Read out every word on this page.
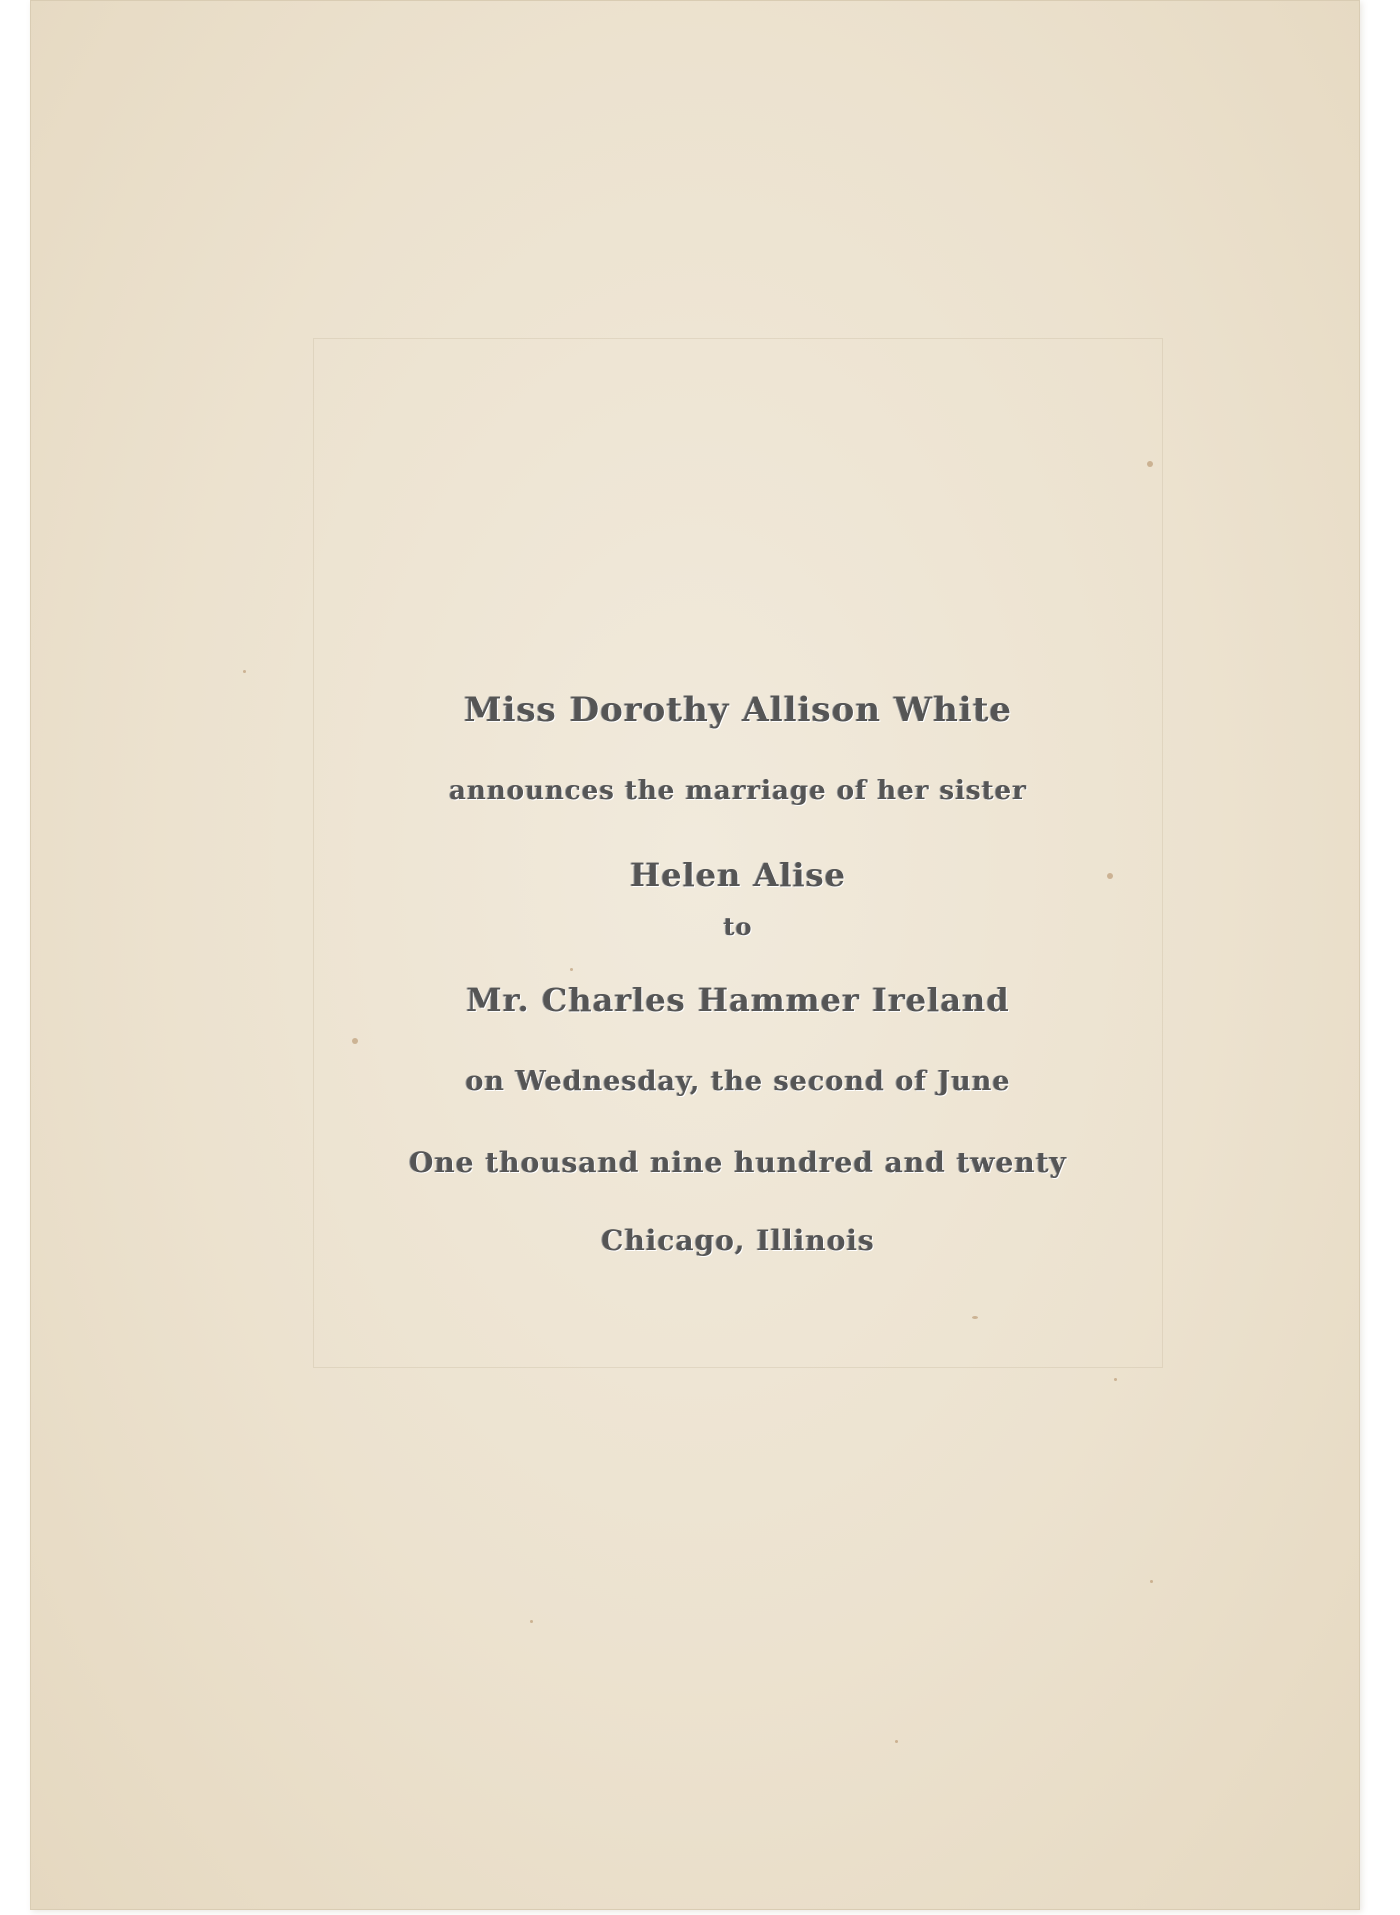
Miss Dorothy Allison White
announces the marriage of her sister
Helen Alise
to
Mr. Charles Hammer Ireland
on Wednesday, the second of June
One thousand nine hundred and twenty
Chicago, Illinois
